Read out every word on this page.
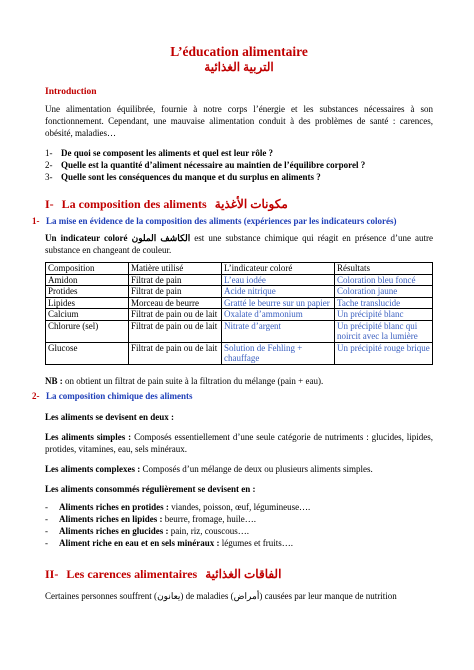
L’éducation alimentaire
التربية الغذائية
Introduction

Une alimentation équilibrée, fournie à notre corps l’énergie et les substances nécessaires à son fonctionnement. Cependant, une mauvaise alimentation conduit à des problèmes de santé : carences, obésité, maladies…

1- De quoi se composent les aliments et quel est leur rôle ?
2- Quelle est la quantité d’aliment nécessaire au maintien de l’équilibre corporel ?
3- Quelle sont les conséquences du manque et du surplus en aliments ?
I- La composition des aliments مكونات الأغذية
1- La mise en évidence de la composition des aliments (expériences par les indicateurs colorés)

Un indicateur coloré الكاشف الملون est une substance chimique qui réagit en présence d’une autre substance en changeant de couleur.

Composition	Matière utilisé	L’indicateur coloré	Résultats
Amidon	Filtrat de pain	L’eau iodée	Coloration bleu foncé
Protides	Filtrat de pain	Acide nitrique	Coloration jaune
Lipides	Morceau de beurre	Gratté le beurre sur un papier	Tache translucide
Calcium	Filtrat de pain ou de lait	Oxalate d’ammonium	Un précipité blanc
Chlorure (sel)	Filtrat de pain ou de lait	Nitrate d’argent	Un précipité blanc qui noircit avec la lumière
Glucose	Filtrat de pain ou de lait	Solution de Fehling + chauffage	Un précipité rouge brique

NB : on obtient un filtrat de pain suite à la filtration du mélange (pain + eau).

2- La composition chimique des aliments

Les aliments se devisent en deux :

Les aliments simples : Composés essentiellement d’une seule catégorie de nutriments : glucides, lipides, protides, vitamines, eau, sels minéraux.

Les aliments complexes : Composés d’un mélange de deux ou plusieurs aliments simples.

Les aliments consommés régulièrement se devisent en :

-	Aliments riches en protides : viandes, poisson, œuf, légumineuse….
-	Aliments riches en lipides : beurre, fromage, huile….
-	Aliments riches en glucides : pain, riz, couscous….
-	Aliment riche en eau et en sels minéraux : légumes et fruits….
II- Les carences alimentaires الفاقات الغذائية

Certaines personnes souffrent (يعانون) de maladies (أمراض) causées par leur manque de nutrition
